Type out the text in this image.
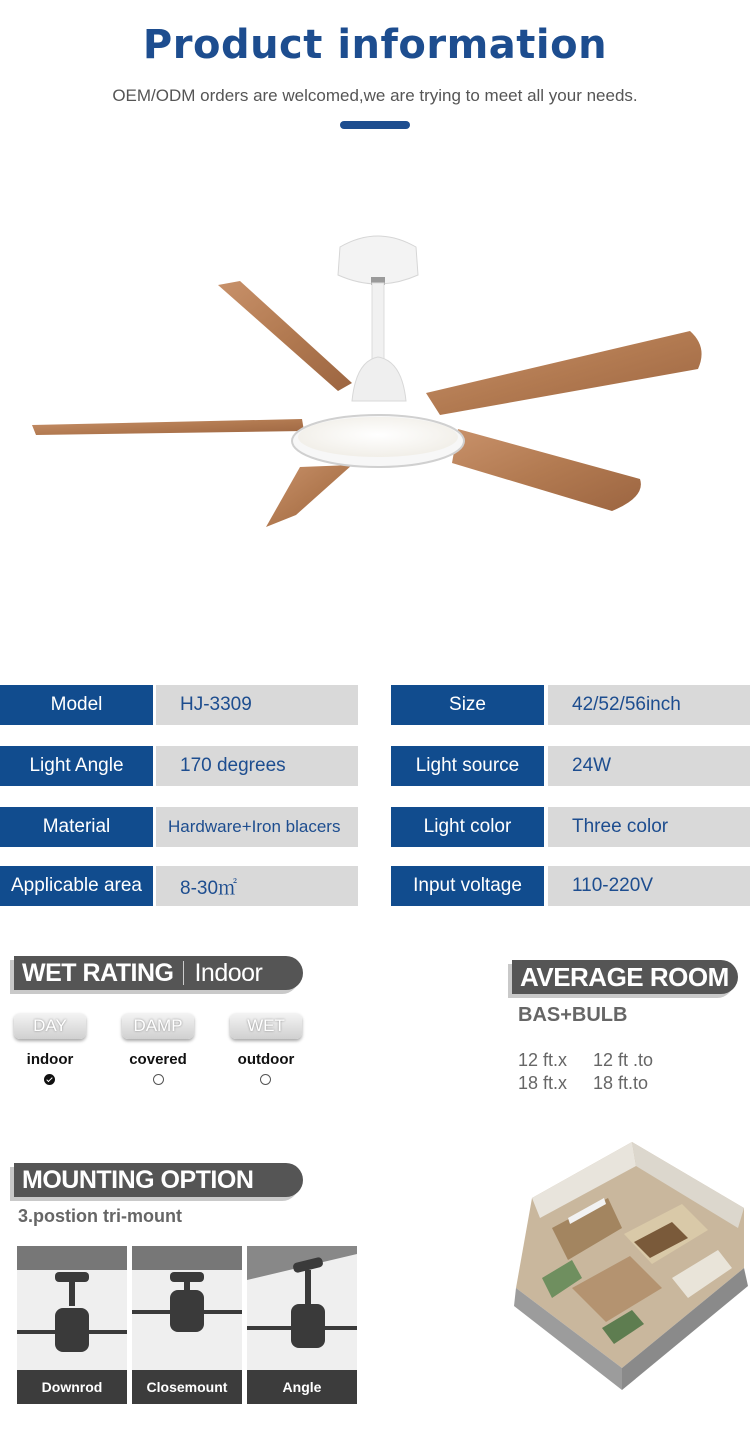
Product information
OEM/ODM orders are welcomed,we are trying to meet all your needs.
Model	HJ-3309	Size	42/52/56inch
Light Angle	170 degrees	Light source	24W
Material	Hardware+Iron blacers	Light color	Three color
Applicable area	8-30㎡	Input voltage	110-220V
WET RATING Indoor
DAY	DAMP	WET
indoor	covered	outdoor
AVERAGE ROOM
BAS+BULB
12 ft.x 12 ft .to
18 ft.x 18 ft.to
MOUNTING OPTION
3.postion tri-mount
Downrod	Closemount	Angle
